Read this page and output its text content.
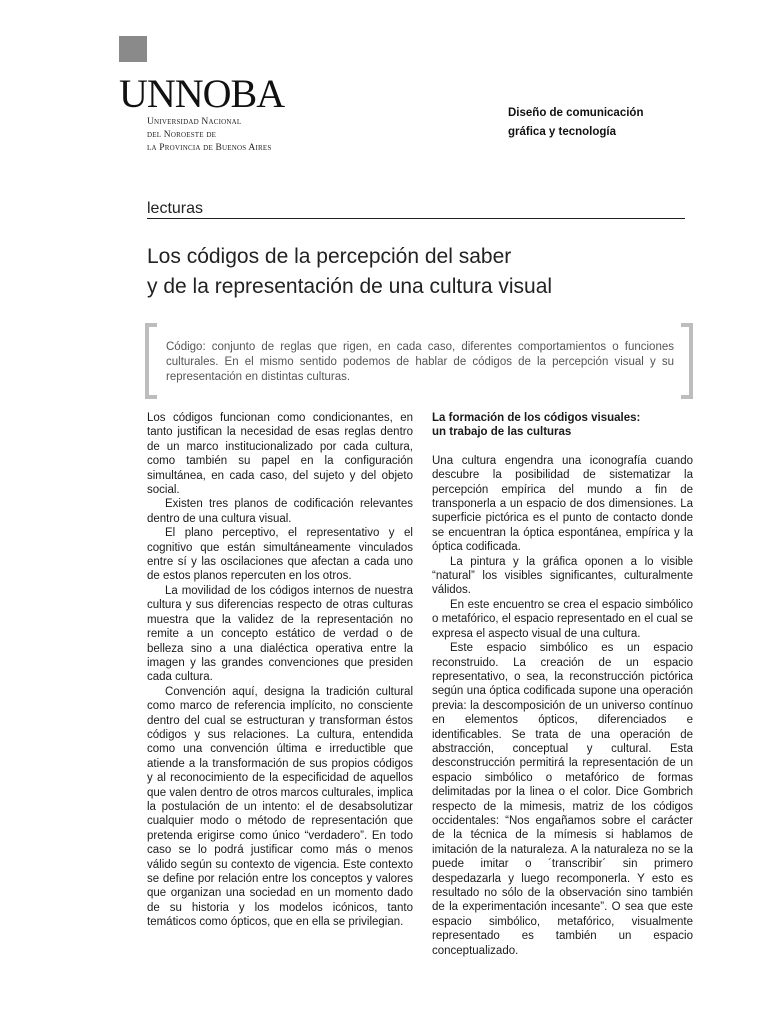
UNNOBA
Universidad Nacional
del Noroeste de
la Provincia de Buenos Aires
Diseño de comunicación
gráfica y tecnología
lecturas
Los códigos de la percepción del saber
y de la representación de una cultura visual
Código: conjunto de reglas que rigen, en cada caso, diferentes comportamientos o funciones culturales. En el mismo sentido podemos de hablar de códigos de la percepción visual y su representación en distintas culturas.

Los códigos funcionan como condicionantes, en tanto justifican la necesidad de esas reglas dentro de un marco institucionalizado por cada cultura, como también su papel en la configuración simultánea, en cada caso, del sujeto y del objeto social.

Existen tres planos de codificación relevantes dentro de una cultura visual.

El plano perceptivo, el representativo y el cognitivo que están simultáneamente vinculados entre sí y las oscilaciones que afectan a cada uno de estos planos repercuten en los otros.

La movilidad de los códigos internos de nuestra cultura y sus diferencias respecto de otras culturas muestra que la validez de la representación no remite a un concepto estático de verdad o de belleza sino a una dialéctica operativa entre la imagen y las grandes convenciones que presiden cada cultura.

Convención aquí, designa la tradición cultural como marco de referencia implícito, no consciente dentro del cual se estructuran y transforman éstos códigos y sus relaciones. La cultura, entendida como una convención última e irreductible que atiende a la transformación de sus propios códigos y al reconocimiento de la especificidad de aquellos que valen dentro de otros marcos culturales, implica la postulación de un intento: el de desabsolutizar cualquier modo o método de representación que pretenda erigirse como único “verdadero”. En todo caso se lo podrá justificar como más o menos válido según su contexto de vigencia. Este contexto se define por relación entre los conceptos y valores que organizan una sociedad en un momento dado de su historia y los modelos icónicos, tanto temáticos como ópticos, que en ella se privilegian.

La formación de los códigos visuales:
un trabajo de las culturas

Una cultura engendra una iconografía cuando descubre la posibilidad de sistematizar la percepción empírica del mundo a fin de transponerla a un espacio de dos dimensiones. La superficie pictórica es el punto de contacto donde se encuentran la óptica espontánea, empírica y la óptica codificada.

La pintura y la gráfica oponen a lo visible “natural” los visibles significantes, culturalmente válidos.

En este encuentro se crea el espacio simbólico o metafórico, el espacio representado en el cual se expresa el aspecto visual de una cultura.

Este espacio simbólico es un espacio reconstruido. La creación de un espacio representativo, o sea, la reconstrucción pictórica según una óptica codificada supone una operación previa: la descomposición de un universo contínuo en elementos ópticos, diferenciados e identificables. Se trata de una operación de abstracción, conceptual y cultural. Esta desconstrucción permitirá la representación de un espacio simbólico o metafórico de formas delimitadas por la linea o el color. Dice Gombrich respecto de la mimesis, matriz de los códigos occidentales: “Nos engañamos sobre el carácter de la técnica de la mímesis si hablamos de imitación de la naturaleza. A la naturaleza no se la puede imitar o ´transcribir´ sin primero despedazarla y luego recomponerla. Y esto es resultado no sólo de la observación sino también de la experimentación incesante”. O sea que este espacio simbólico, metafórico, visualmente representado es también un espacio conceptualizado.
